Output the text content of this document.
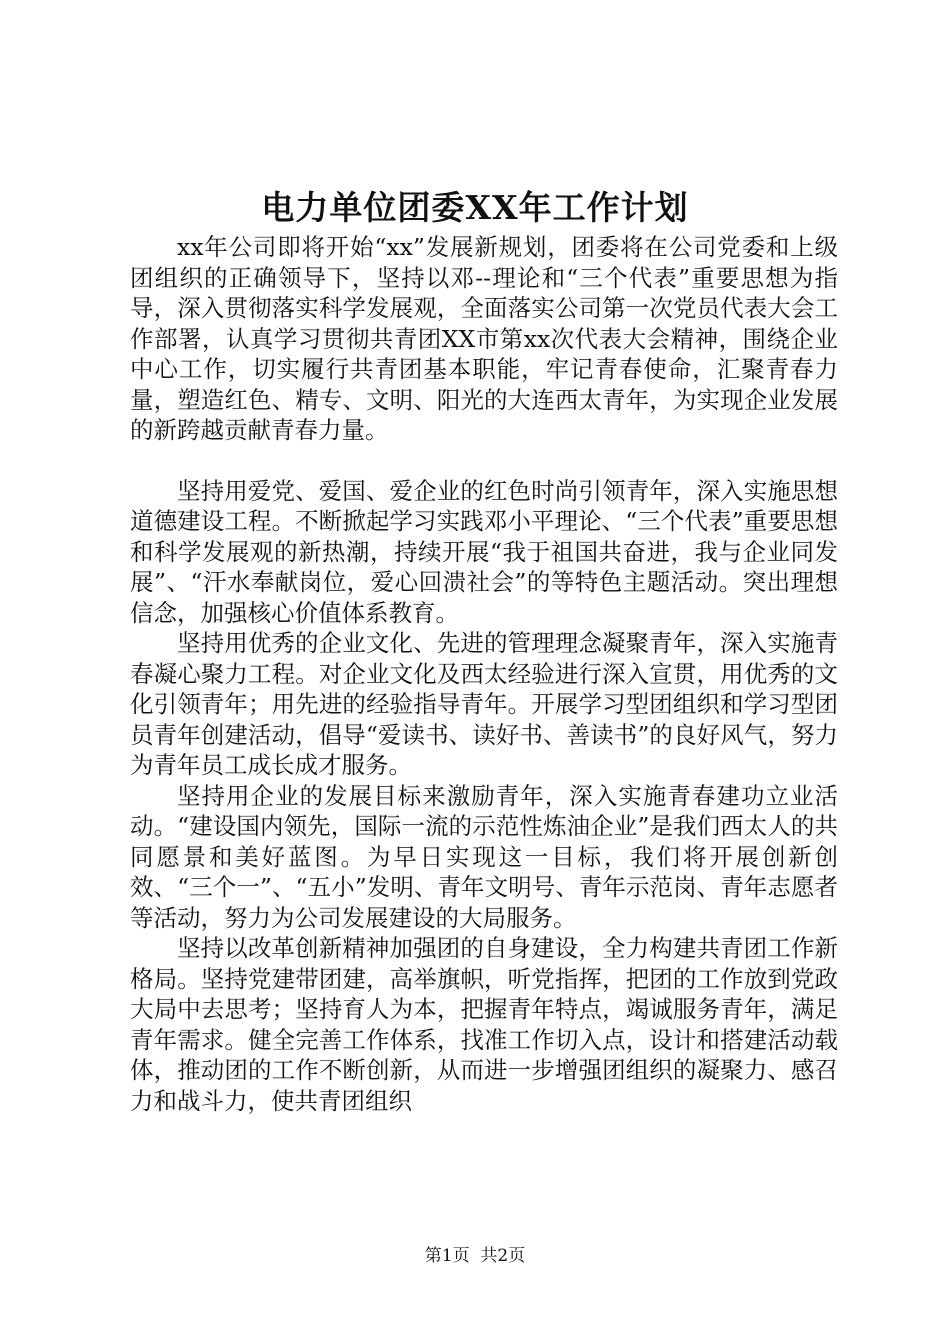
电力单位团委XX年工作计划

xx年公司即将开始“xx”发展新规划，团委将在公司党委和上级团组织的正确领导下，坚持以邓--理论和“三个代表”重要思想为指导，深入贯彻落实科学发展观，全面落实公司第一次党员代表大会工作部署，认真学习贯彻共青团XX市第xx次代表大会精神，围绕企业中心工作，切实履行共青团基本职能，牢记青春使命，汇聚青春力量，塑造红色、精专、文明、阳光的大连西太青年，为实现企业发展的新跨越贡献青春力量。

坚持用爱党、爱国、爱企业的红色时尚引领青年，深入实施思想道德建设工程。不断掀起学习实践邓小平理论、“三个代表”重要思想和科学发展观的新热潮，持续开展“我于祖国共奋进，我与企业同发展”、“汗水奉献岗位，爱心回溃社会”的等特色主题活动。突出理想信念，加强核心价值体系教育。

坚持用优秀的企业文化、先进的管理理念凝聚青年，深入实施青春凝心聚力工程。对企业文化及西太经验进行深入宣贯，用优秀的文化引领青年；用先进的经验指导青年。开展学习型团组织和学习型团员青年创建活动，倡导“爱读书、读好书、善读书”的良好风气，努力为青年员工成长成才服务。

坚持用企业的发展目标来激励青年，深入实施青春建功立业活动。“建设国内领先，国际一流的示范性炼油企业”是我们西太人的共同愿景和美好蓝图。为早日实现这一目标，我们将开展创新创效、“三个一”、“五小”发明、青年文明号、青年示范岗、青年志愿者等活动，努力为公司发展建设的大局服务。

坚持以改革创新精神加强团的自身建设，全力构建共青团工作新格局。坚持党建带团建，高举旗帜，听党指挥，把团的工作放到党政大局中去思考；坚持育人为本，把握青年特点，竭诚服务青年，满足青年需求。健全完善工作体系，找准工作切入点，设计和搭建活动载体，推动团的工作不断创新，从而进一步增强团组织的凝聚力、感召力和战斗力，使共青团组织

第1页  共2页
